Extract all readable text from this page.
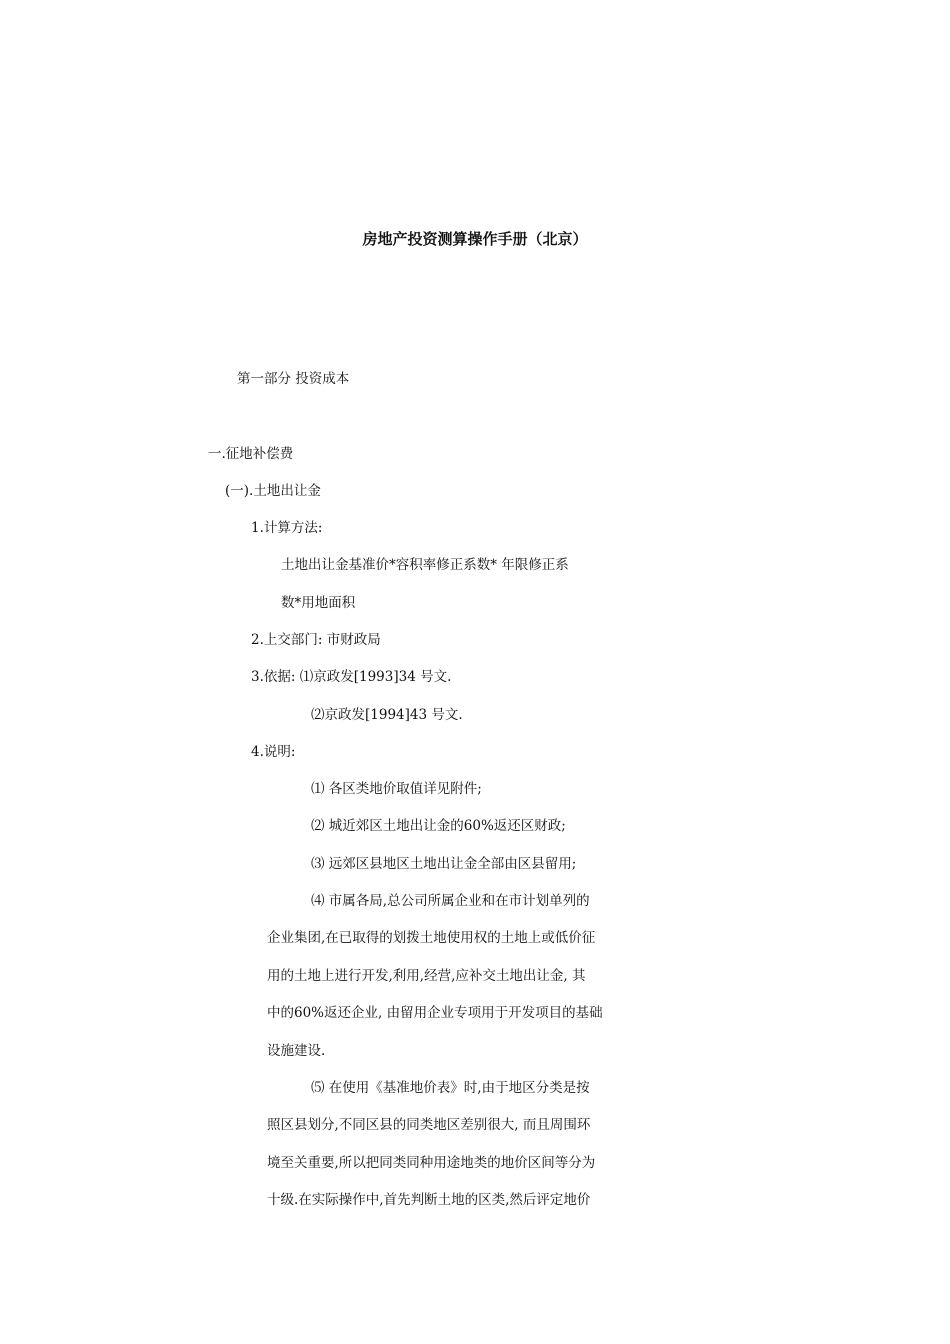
房地产投资测算操作手册（北京）
第一部分 投资成本
一.征地补偿费
(一).土地出让金
1.计算方法:
土地出让金基准价*容积率修正系数* 年限修正系
数*用地面积
2.上交部门: 市财政局
3.依据: ⑴京政发[1993]34 号文.
⑵京政发[1994]43 号文.
4.说明:
⑴ 各区类地价取值详见附件;
⑵ 城近郊区土地出让金的60%返还区财政;
⑶ 远郊区县地区土地出让金全部由区县留用;
⑷ 市属各局,总公司所属企业和在市计划单列的
企业集团,在已取得的划拨土地使用权的土地上或低价征
用的土地上进行开发,利用,经营,应补交土地出让金, 其
中的60%返还企业, 由留用企业专项用于开发项目的基础
设施建设.
⑸ 在使用《基准地价表》时,由于地区分类是按
照区县划分,不同区县的同类地区差别很大, 而且周围环
境至关重要,所以把同类同种用途地类的地价区间等分为
十级.在实际操作中,首先判断土地的区类,然后评定地价
